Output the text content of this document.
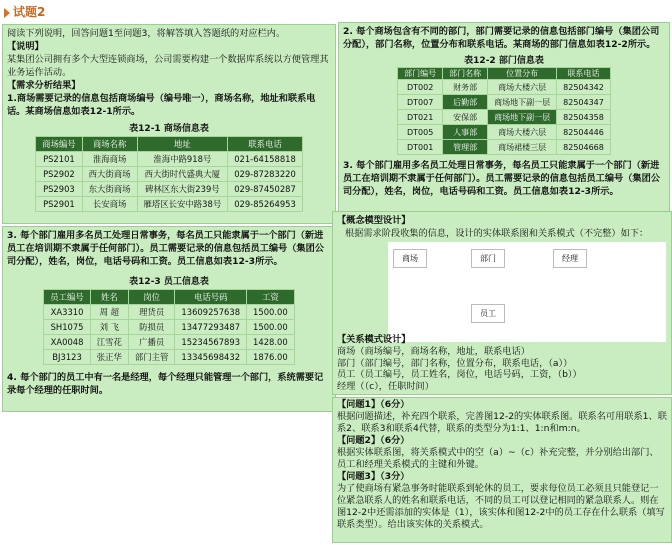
试题2
阅读下列说明，回答问题1至问题3，将解答填入答题纸的对应栏内。
【说明】
某集团公司拥有多个大型连锁商场，公司需要构建一个数据库系统以方便管理其业务运作活动。
【需求分析结果】
1.商场需要记录的信息包括商场编号（编号唯一），商场名称，地址和联系电话。某商场信息如表12-1所示。
表12-1 商场信息表
商场编号	商场名称	地址	联系电话
PS2101	淮海商场	淮海中路918号	021-64158818
PS2902	西大街商场	西大街时代盛典大厦	029-87283220
PS2903	东大街商场	碑林区东大街239号	029-87450287
PS2901	长安商场	雁塔区长安中路38号	029-85264953
3. 每个部门雇用多名员工处理日常事务，每名员工只能隶属于一个部门（新进员工在培训期不隶属于任何部门）。员工需要记录的信息包括员工编号（集团公司分配），姓名，岗位，电话号码和工资。员工信息如表12-3所示。
表12-3 员工信息表
员工编号	姓名	岗位	电话号码	工资
XA3310	周 超	理货员	13609257638	1500.00
SH1075	刘 飞	防损员	13477293487	1500.00
XA0048	江雪花	广播员	15234567893	1428.00
BJ3123	张正华	部门主管	13345698432	1876.00
4. 每个部门的员工中有一名是经理，每个经理只能管理一个部门，系统需要记录每个经理的任职时间。
2. 每个商场包含有不同的部门，部门需要记录的信息包括部门编号（集团公司分配），部门名称，位置分布和联系电话。某商场的部门信息如表12-2所示。
表12-2 部门信息表
部门编号	部门名称	位置分布	联系电话
DT002	财务部	商场大楼六层	82504342
DT007	后勤部	商场地下副一层	82504347
DT021	安保部	商场地下副一层	82504358
DT005	人事部	商场大楼六层	82504446
DT001	管理部	商场裙楼三层	82504668
3. 每个部门雇用多名员工处理日常事务，每名员工只能隶属于一个部门（新进员工在培训期不隶属于任何部门）。员工需要记录的信息包括员工编号（集团公司分配），姓名，岗位，电话号码和工资。员工信息如表12-3所示。
【概念模型设计】
根据需求阶段收集的信息，设计的实体联系图和关系模式（不完整）如下：
商场	部门	经理
员工
【关系模式设计】
商场（商场编号，商场名称，地址，联系电话）
部门（部门编号，部门名称，位置分布，联系电话，（a））
员工（员工编号，员工姓名，岗位，电话号码，工资，（b））
经理（（c），任职时间）
【问题1】（6分）
根据问题描述，补充四个联系，完善图12-2的实体联系图。联系名可用联系1、联系2、联系3和联系4代替，联系的类型分为1:1、1:n和m:n。
【问题2】（6分）
根据实体联系图，将关系模式中的空（a）~（c）补充完整，并分别给出部门、员工和经理关系模式的主键和外键。
【问题3】（3分）
为了使商场有紧急事务时能联系到轮休的员工，要求每位员工必须且只能登记一位紧急联系人的姓名和联系电话，不同的员工可以登记相同的紧急联系人。则在图12-2中还需添加的实体是（1），该实体和图12-2中的员工存在什么联系（填写联系类型）。给出该实体的关系模式。
